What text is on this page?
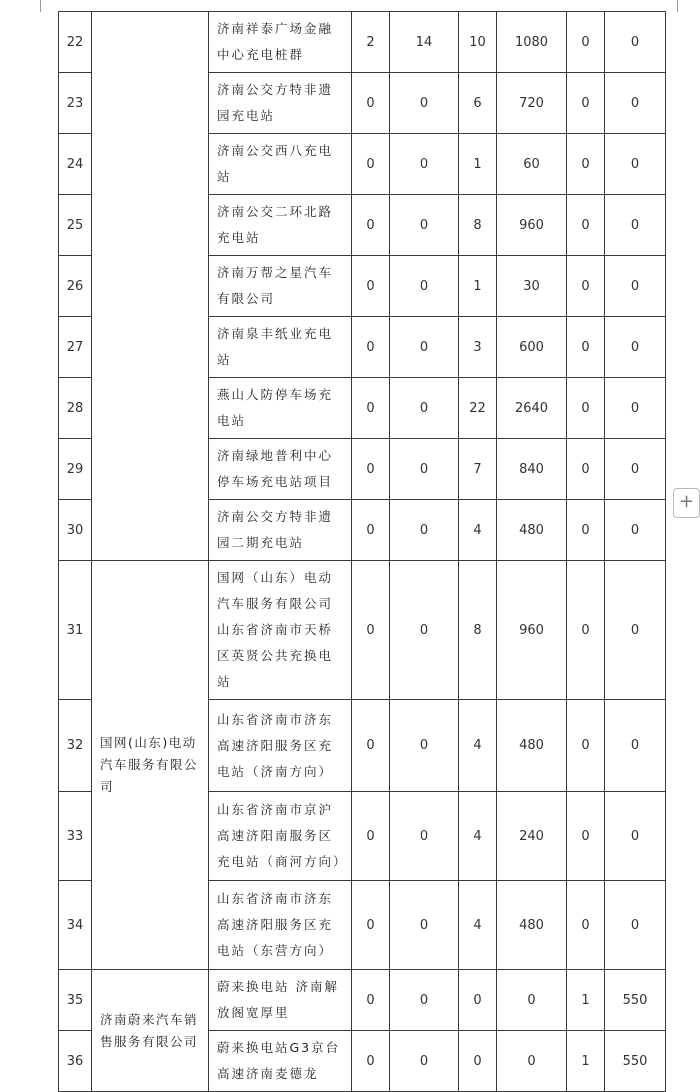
22		济南祥泰广场金融中心充电桩群	2	14	10	1080	0	0
23		济南公交方特非遗园充电站	0	0	6	720	0	0
24		济南公交西八充电站	0	0	1	60	0	0
25		济南公交二环北路充电站	0	0	8	960	0	0
26		济南万帮之星汽车有限公司	0	0	1	30	0	0
27		济南泉丰纸业充电站	0	0	3	600	0	0
28		燕山人防停车场充电站	0	0	22	2640	0	0
29		济南绿地普利中心停车场充电站项目	0	0	7	840	0	0
30		济南公交方特非遗园二期充电站	0	0	4	480	0	0
31	国网(山东)电动汽车服务有限公司	国网（山东）电动汽车服务有限公司山东省济南市天桥区英贤公共充换电站	0	0	8	960	0	0
32		山东省济南市济东高速济阳服务区充电站（济南方向）	0	0	4	480	0	0
33		山东省济南市京沪高速济阳南服务区充电站（商河方向）	0	0	4	240	0	0
34		山东省济南市济东高速济阳服务区充电站（东营方向）	0	0	4	480	0	0
35	济南蔚来汽车销售服务有限公司	蔚来换电站 济南解放阁宽厚里	0	0	0	0	1	550
36		蔚来换电站G3京台高速济南麦德龙	0	0	0	0	1	550
+
